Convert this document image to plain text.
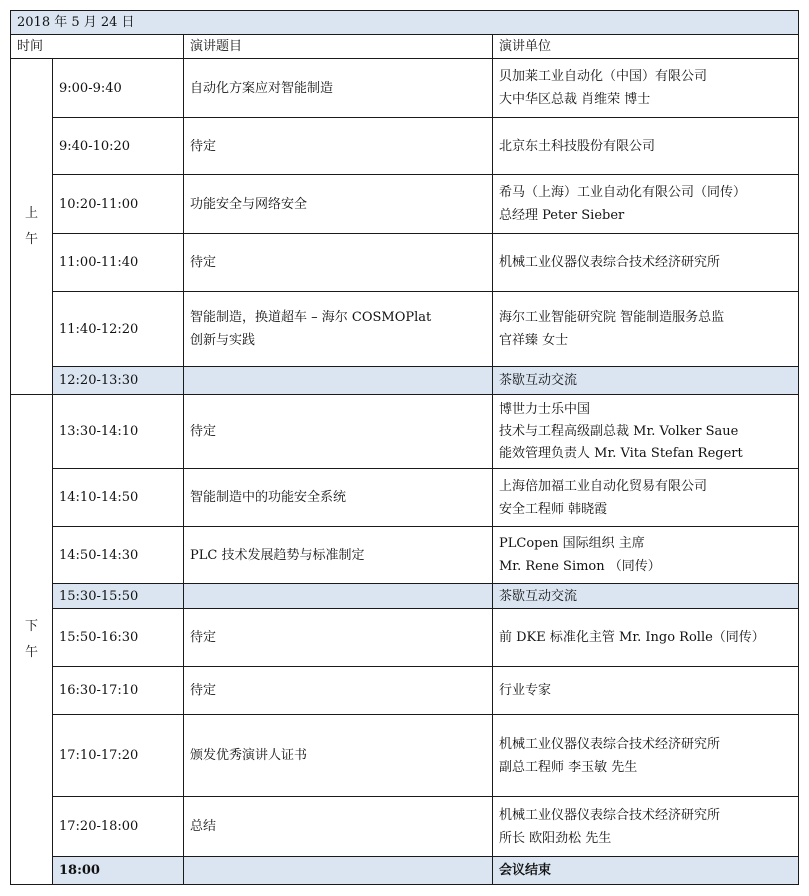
2018 年 5 月 24 日			
时间		演讲题目	演讲单位

上
午	9:00-9:40	自动化方案应对智能制造	贝加莱工业自动化（中国）有限公司
大中华区总裁 肖维荣 博士

	9:40-10:20	待定	北京东土科技股份有限公司

	10:20-11:00	功能安全与网络安全	希马（上海）工业自动化有限公司（同传）
总经理 Peter Sieber

	11:00-11:40	待定	机械工业仪器仪表综合技术经济研究所

	11:40-12:20	智能制造，换道超车 – 海尔 COSMOPlat
创新与实践	海尔工业智能研究院 智能制造服务总监
官祥臻 女士

	12:20-13:30		茶歇互动交流

下
午	13:30-14:10	待定	博世力士乐中国
技术与工程高级副总裁 Mr. Volker Saue
能效管理负责人 Mr. Vita Stefan Regert

	14:10-14:50	智能制造中的功能安全系统	上海倍加福工业自动化贸易有限公司
安全工程师 韩晓霞

	14:50-14:30	PLC 技术发展趋势与标准制定	PLCopen 国际组织 主席
Mr. Rene Simon （同传）

	15:30-15:50		茶歇互动交流

	15:50-16:30	待定	前 DKE 标准化主管 Mr. Ingo Rolle（同传）

	16:30-17:10	待定	行业专家

	17:10-17:20	颁发优秀演讲人证书	机械工业仪器仪表综合技术经济研究所
副总工程师 李玉敏 先生

	17:20-18:00	总结	机械工业仪器仪表综合技术经济研究所
所长 欧阳劲松 先生

	18:00		会议结束
